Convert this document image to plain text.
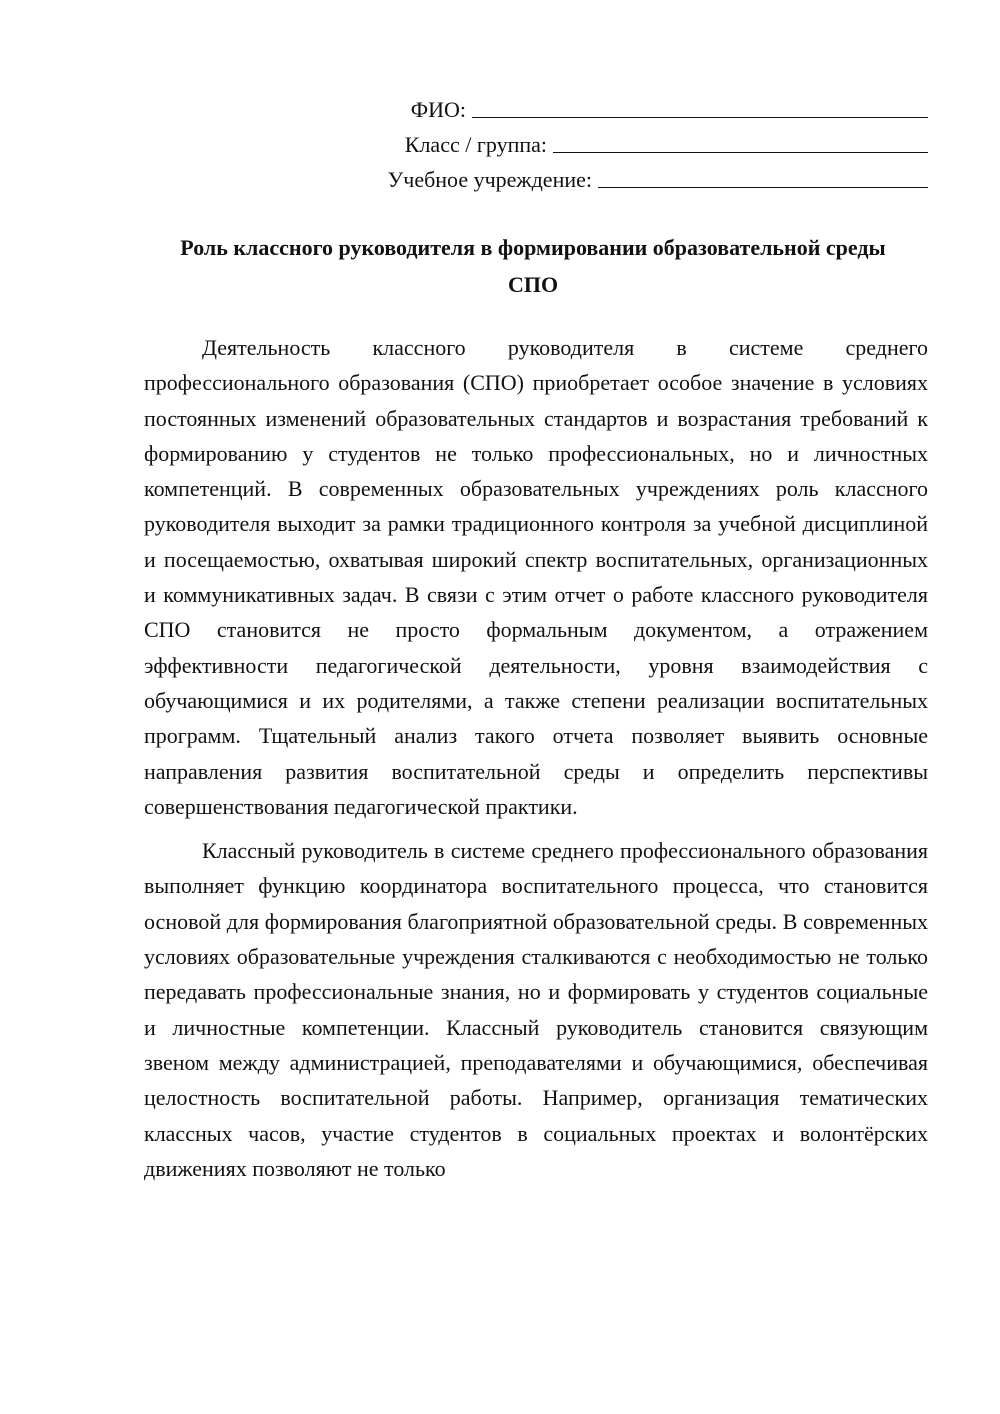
ФИО:
Класс / группа:
Учебное учреждение:
Роль классного руководителя в формировании образовательной среды
СПО

Деятельность классного руководителя в системе среднего профессионального образования (СПО) приобретает особое значение в условиях постоянных изменений образовательных стандартов и возрастания требований к формированию у студентов не только профессиональных, но и личностных компетенций. В современных образовательных учреждениях роль классного руководителя выходит за рамки традиционного контроля за учебной дисциплиной и посещаемостью, охватывая широкий спектр воспитательных, организационных и коммуникативных задач. В связи с этим отчет о работе классного руководителя СПО становится не просто формальным документом, а отражением эффективности педагогической деятельности, уровня взаимодействия с обучающимися и их родителями, а также степени реализации воспитательных программ. Тщательный анализ такого отчета позволяет выявить основные направления развития воспитательной среды и определить перспективы совершенствования педагогической практики.

Классный руководитель в системе среднего профессионального образования выполняет функцию координатора воспитательного процесса, что становится основой для формирования благоприятной образовательной среды. В современных условиях образовательные учреждения сталкиваются с необходимостью не только передавать профессиональные знания, но и формировать у студентов социальные и личностные компетенции. Классный руководитель становится связующим звеном между администрацией, преподавателями и обучающимися, обеспечивая целостность воспитательной работы. Например, организация тематических классных часов, участие студентов в социальных проектах и волонтёрских движениях позволяют не только
